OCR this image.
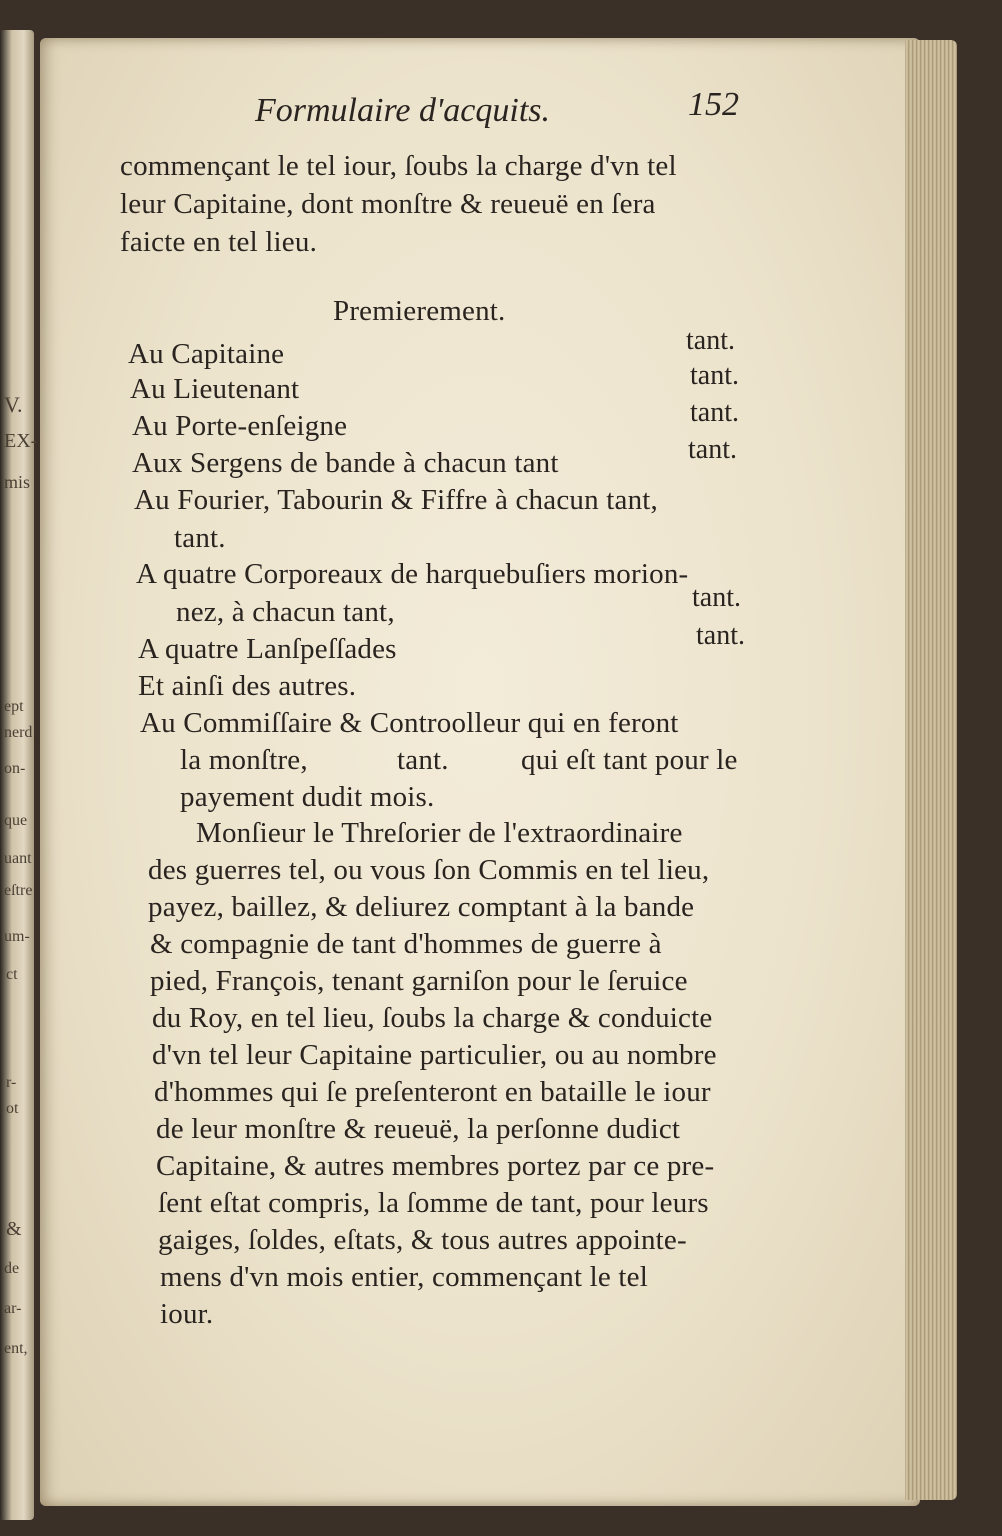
Formulaire d'acquits.	152
commençant le tel iour, ſoubs la charge d'vn tel
leur Capitaine, dont monſtre & reueuë en ſera
faicte en tel lieu.
Premierement.
Au Capitaine	tant.
Au Lieutenant	tant.
Au Porte-enſeigne	tant.
Aux Sergens de bande à chacun tant	tant.
Au Fourier, Tabourin & Fiffre à chacun tant,
tant.
A quatre Corporeaux de harquebuſiers morion-
nez, à chacun tant,	tant.
A quatre Lanſpeſſades	tant.
Et ainſi des autres.
Au Commiſſaire & Controolleur qui en feront
la monſtre,	tant. qui eſt tant pour le
payement dudit mois.
Monſieur le Threſorier de l'extraordinaire
des guerres tel, ou vous ſon Commis en tel lieu,
payez, baillez, & deliurez comptant à la bande
& compagnie de tant d'hommes de guerre à
pied, François, tenant garniſon pour le ſeruice
du Roy, en tel lieu, ſoubs la charge & conduicte
d'vn tel leur Capitaine particulier, ou au nombre
d'hommes qui ſe preſenteront en bataille le iour
de leur monſtre & reueuë, la perſonne dudict
Capitaine, & autres membres portez par ce pre-
ſent eſtat compris, la ſomme de tant, pour leurs
gaiges, ſoldes, eſtats, & tous autres appointe-
mens d'vn mois entier, commençant le tel
iour.
V.
EX-
mis
ept
nerd
on-
que
uant
eſtre
um-
ct
r-
ot
&
de
ar-
ent,
